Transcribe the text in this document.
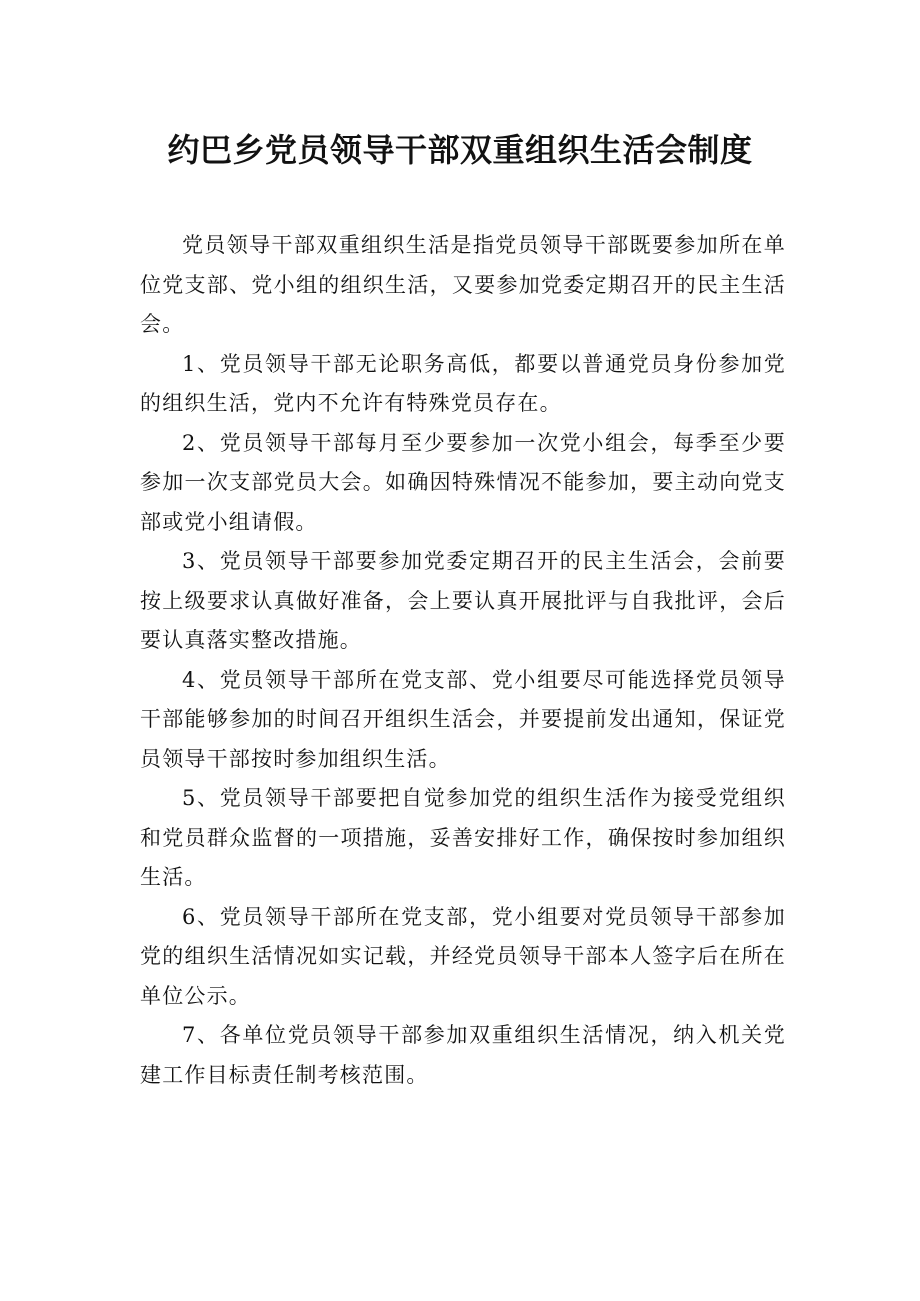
约巴乡党员领导干部双重组织生活会制度

党员领导干部双重组织生活是指党员领导干部既要参加所在单位党支部、党小组的组织生活，又要参加党委定期召开的民主生活会。

1、党员领导干部无论职务高低，都要以普通党员身份参加党的组织生活，党内不允许有特殊党员存在。

2、党员领导干部每月至少要参加一次党小组会，每季至少要参加一次支部党员大会。如确因特殊情况不能参加，要主动向党支部或党小组请假。

3、党员领导干部要参加党委定期召开的民主生活会，会前要按上级要求认真做好准备，会上要认真开展批评与自我批评，会后要认真落实整改措施。

4、党员领导干部所在党支部、党小组要尽可能选择党员领导干部能够参加的时间召开组织生活会，并要提前发出通知，保证党员领导干部按时参加组织生活。

5、党员领导干部要把自觉参加党的组织生活作为接受党组织和党员群众监督的一项措施，妥善安排好工作，确保按时参加组织生活。

6、党员领导干部所在党支部，党小组要对党员领导干部参加党的组织生活情况如实记载，并经党员领导干部本人签字后在所在单位公示。

7、各单位党员领导干部参加双重组织生活情况，纳入机关党建工作目标责任制考核范围。
